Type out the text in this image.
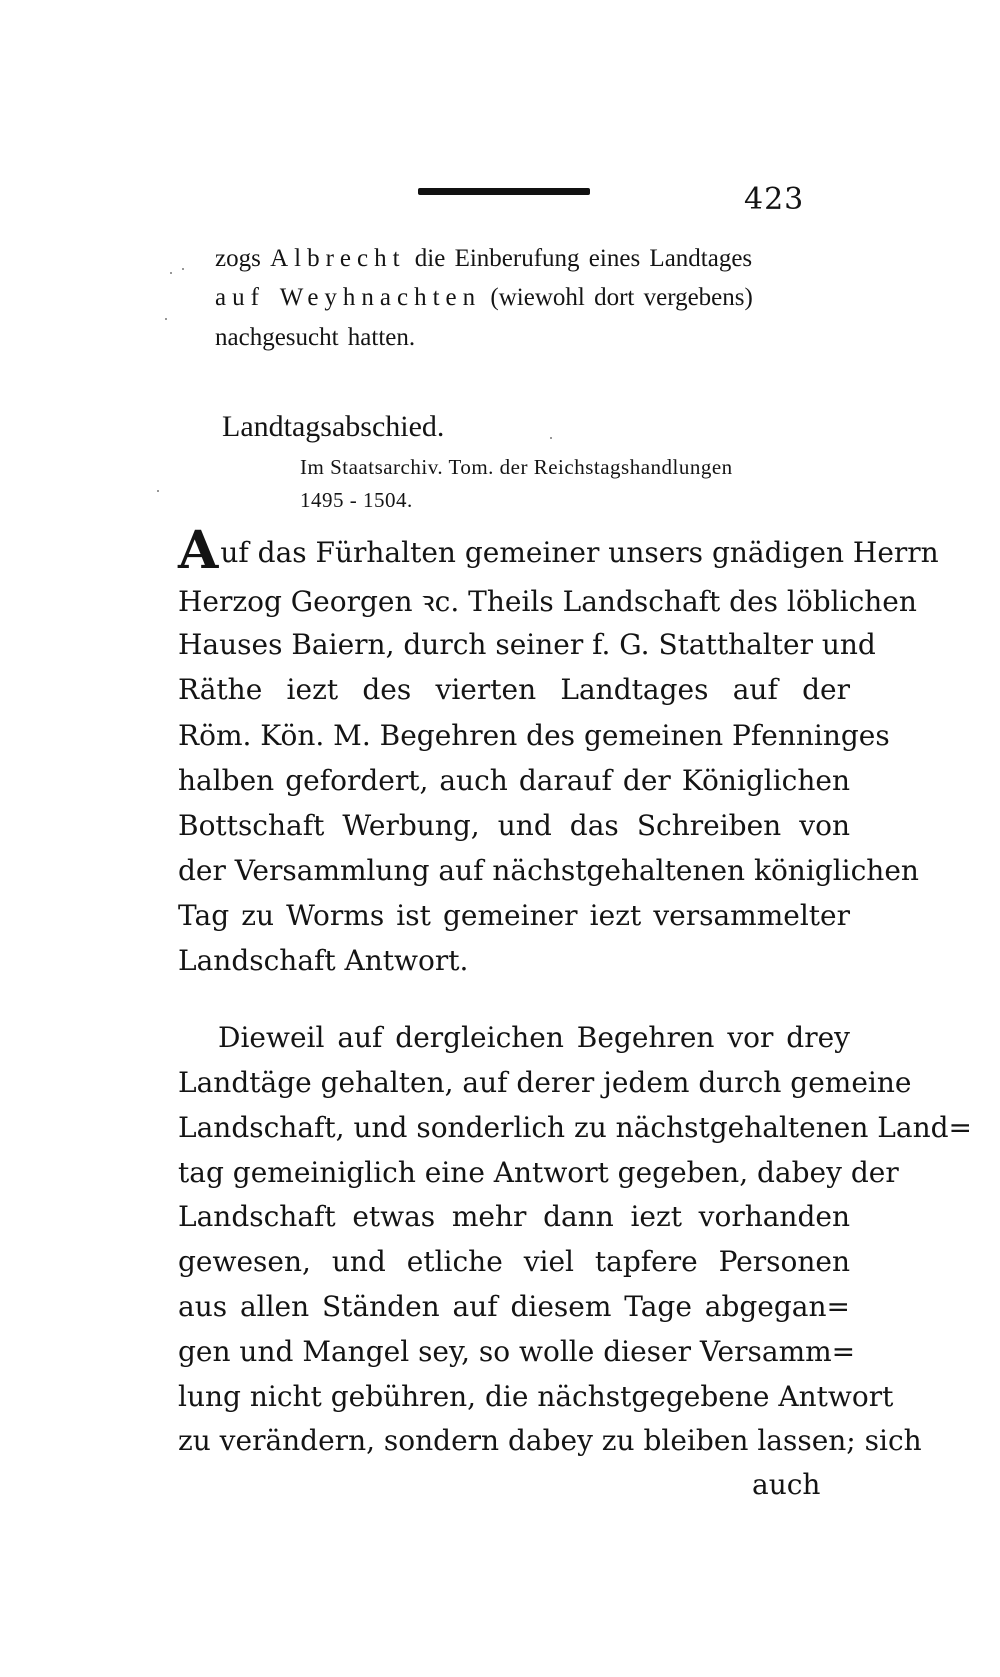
423
zogs Albrecht die Einberufung eines Landtages
auf Weyhnachten (wiewohl dort vergebens)
nachgesucht hatten.
Landtagsabschied.
Im Staatsarchiv. Tom. der Reichstagshandlungen
1495 - 1504.
Auf das Fürhalten gemeiner unsers gnädigen Herrn
Herzog Georgen ꝛc. Theils Landschaft des löblichen
Hauses Baiern, durch seiner f. G. Statthalter und
Räthe iezt des vierten Landtages auf der
Röm. Kön. M. Begehren des gemeinen Pfenninges
halben gefordert, auch darauf der Königlichen
Bottschaft Werbung, und das Schreiben von
der Versammlung auf nächstgehaltenen königlichen
Tag zu Worms ist gemeiner iezt versammelter
Landschaft Antwort.
Dieweil auf dergleichen Begehren vor drey
Landtäge gehalten, auf derer jedem durch gemeine
Landschaft, und sonderlich zu nächstgehaltenen Land=
tag gemeiniglich eine Antwort gegeben, dabey der
Landschaft etwas mehr dann iezt vorhanden
gewesen, und etliche viel tapfere Personen
aus allen Ständen auf diesem Tage abgegan=
gen und Mangel sey, so wolle dieser Versamm=
lung nicht gebühren, die nächstgegebene Antwort
zu verändern, sondern dabey zu bleiben lassen; sich
auch
